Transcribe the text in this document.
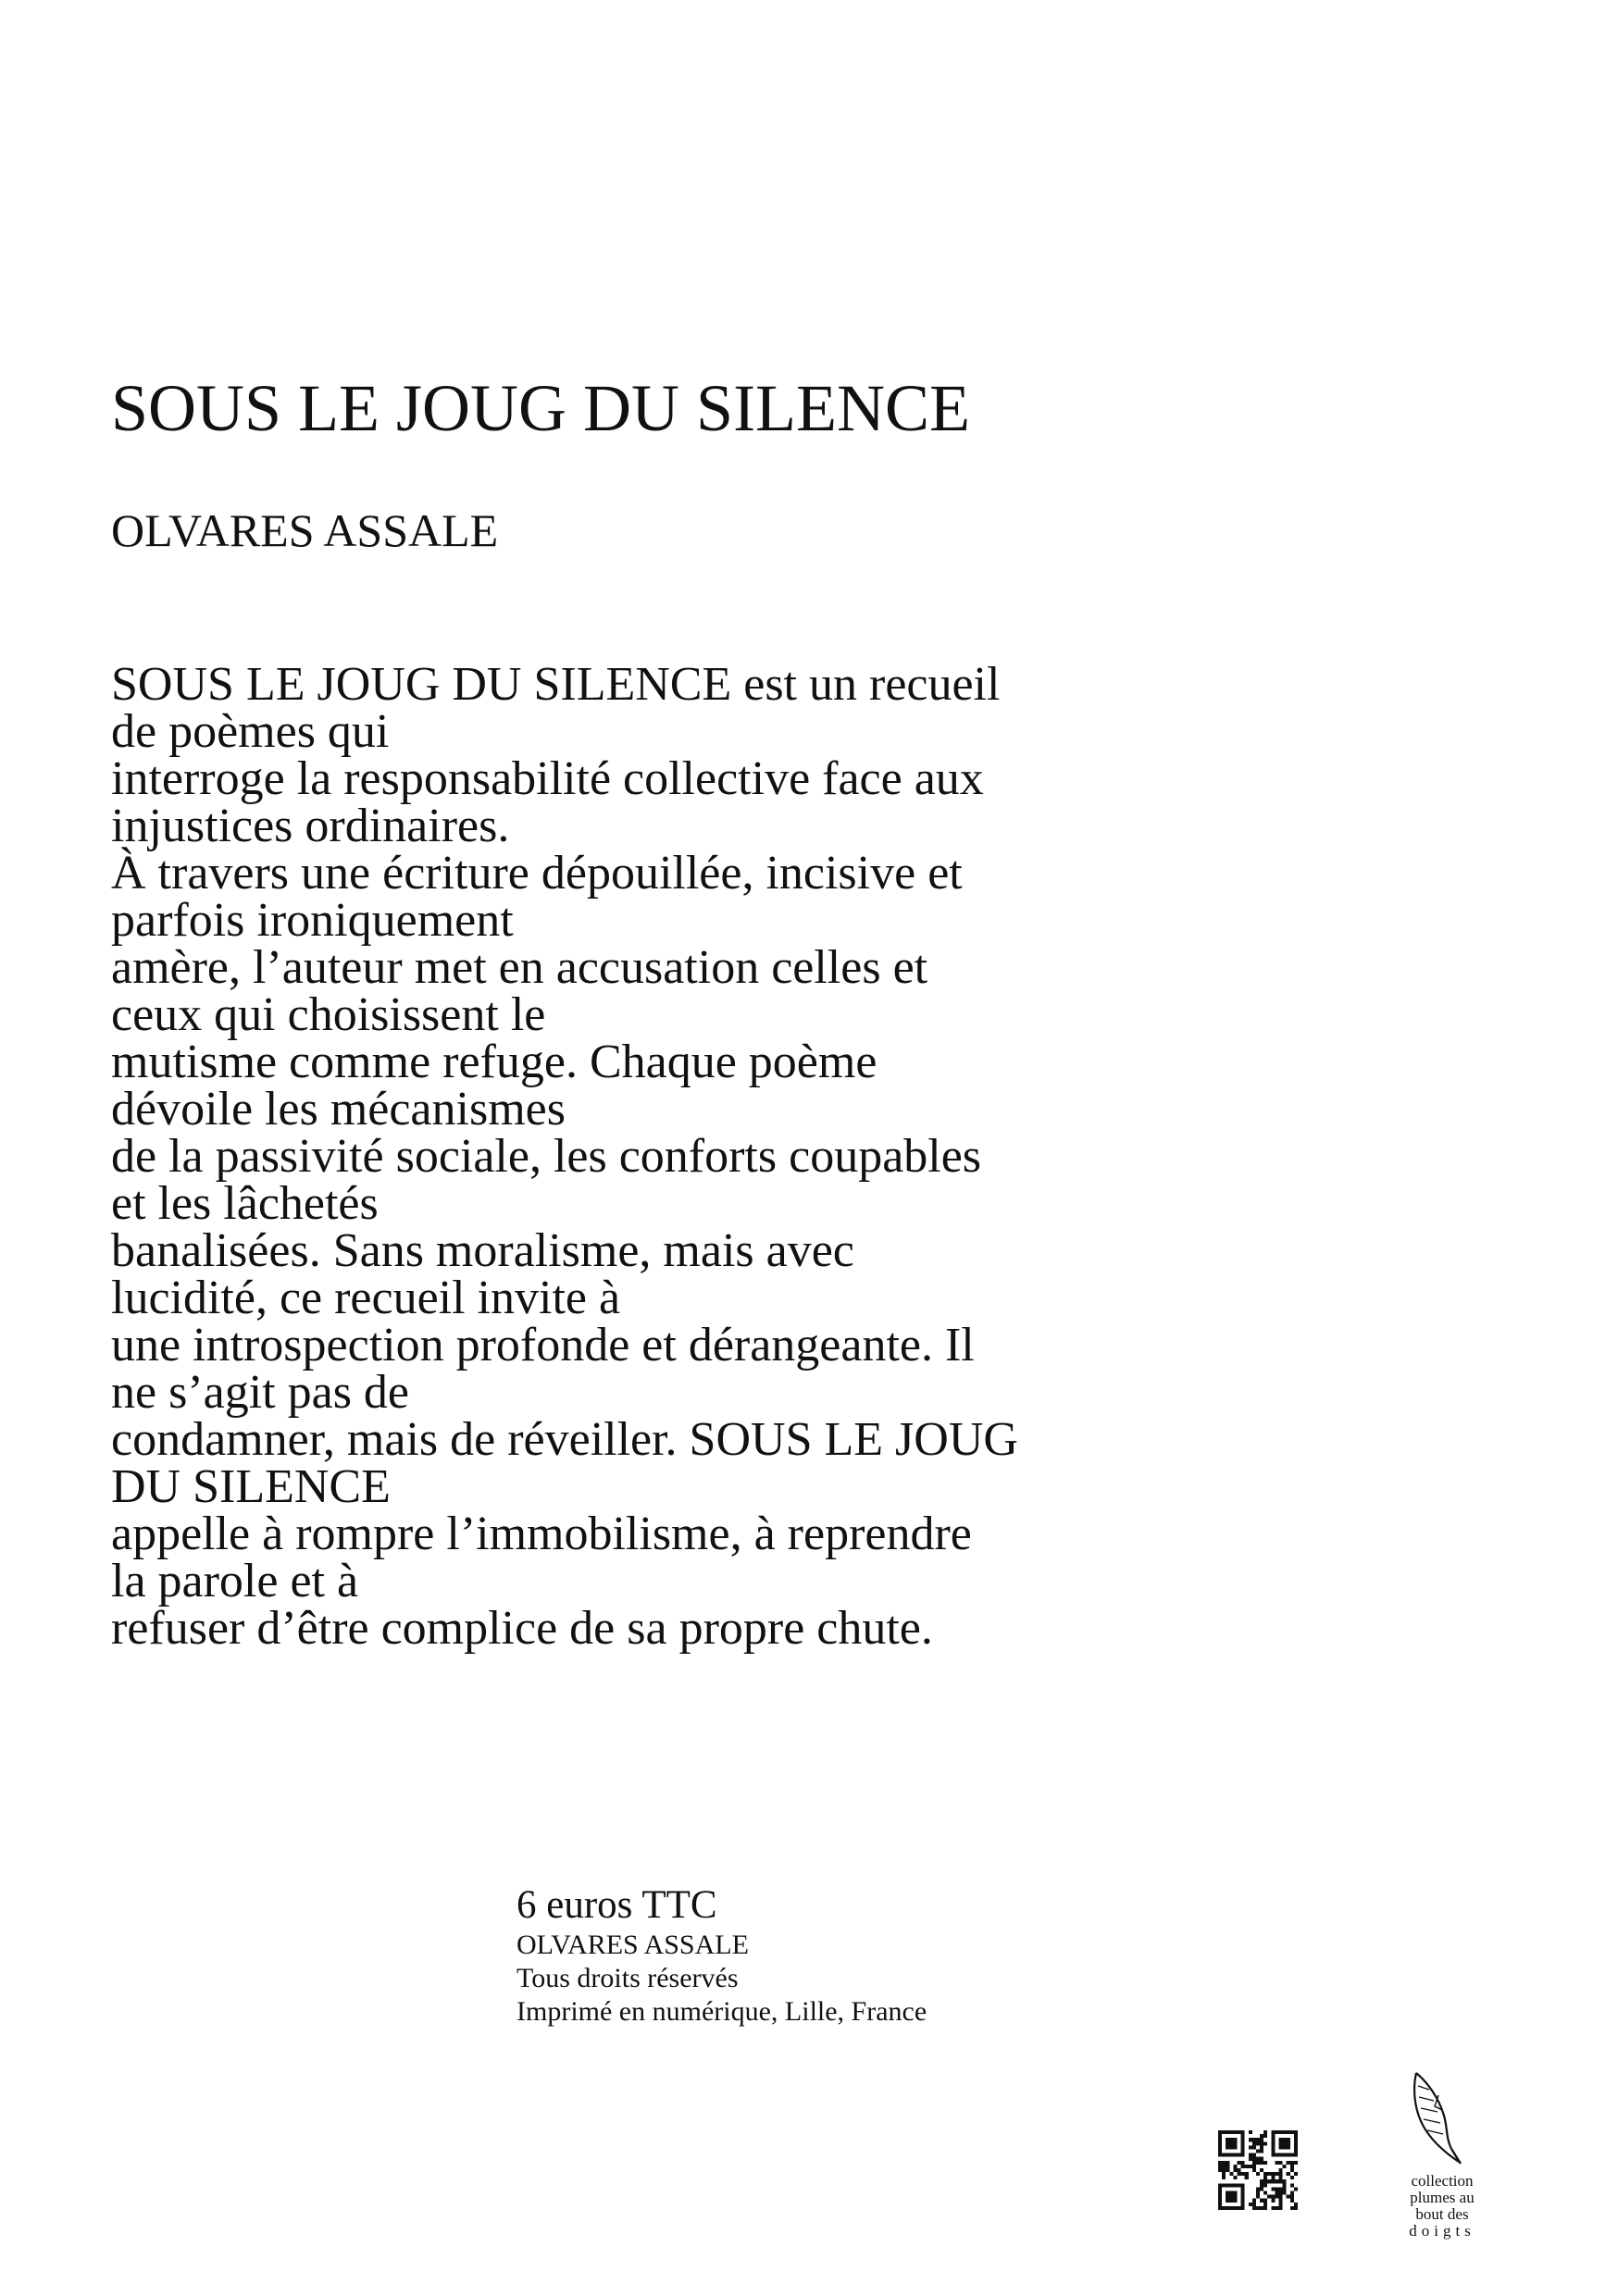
SOUS LE JOUG DU SILENCE
OLVARES ASSALE

SOUS LE JOUG DU SILENCE est un recueil
de poèmes qui
interroge la responsabilité collective face aux
injustices ordinaires.
À travers une écriture dépouillée, incisive et
parfois ironiquement
amère, l’auteur met en accusation celles et
ceux qui choisissent le
mutisme comme refuge. Chaque poème
dévoile les mécanismes
de la passivité sociale, les conforts coupables
et les lâchetés
banalisées. Sans moralisme, mais avec
lucidité, ce recueil invite à
une introspection profonde et dérangeante. Il
ne s’agit pas de
condamner, mais de réveiller. SOUS LE JOUG
DU SILENCE
appelle à rompre l’immobilisme, à reprendre
la parole et à
refuser d’être complice de sa propre chute.

6 euros TTC
OLVARES ASSALE
Tous droits réservés
Imprimé en numérique, Lille, France
collection
plumes au
bout des
doigts
